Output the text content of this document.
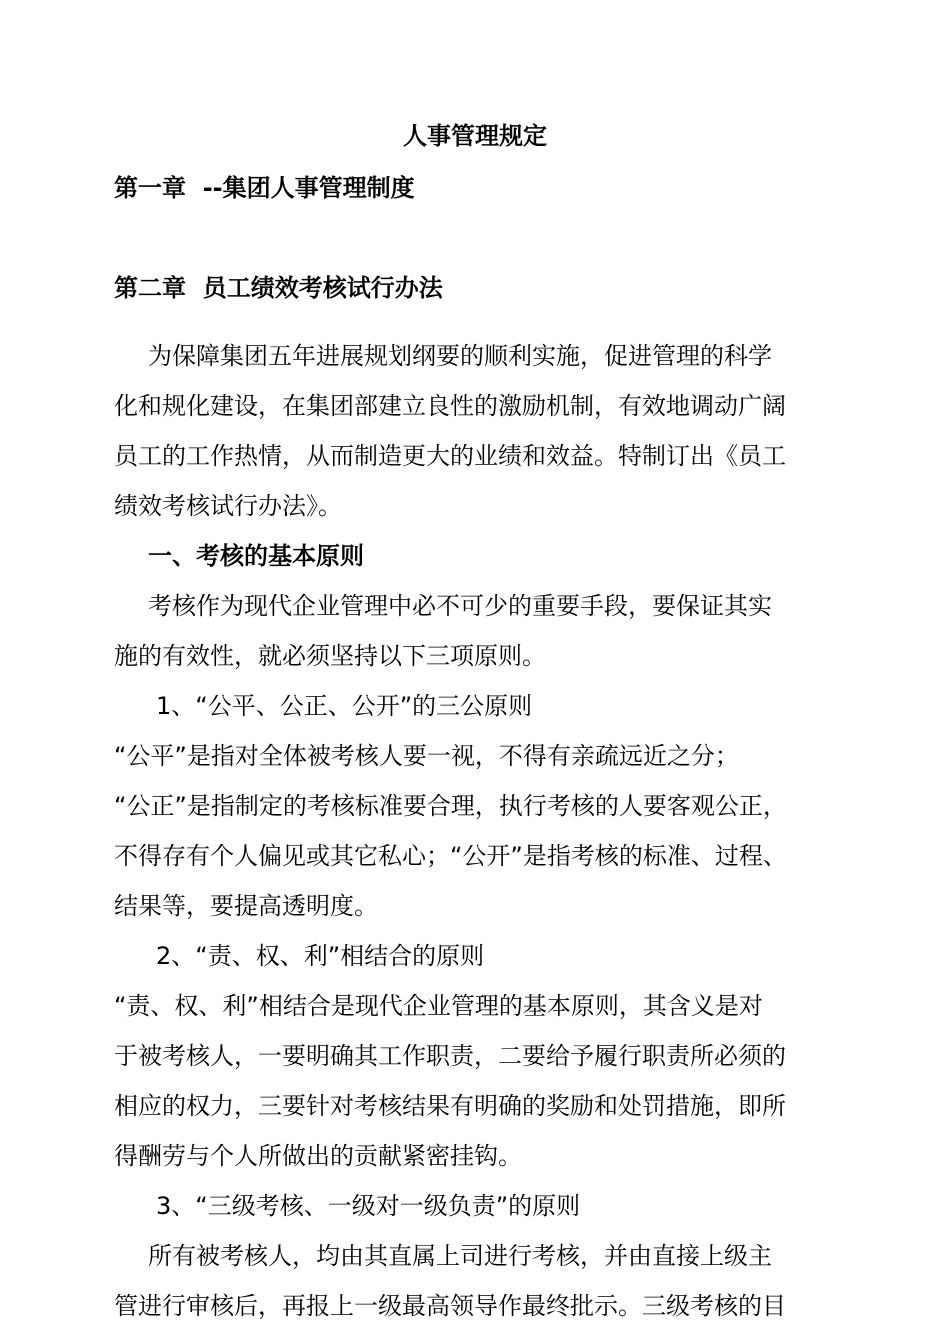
人事管理规定
第一章  --集团人事管理制度
第二章  员工绩效考核试行办法
为保障集团五年进展规划纲要的顺利实施，促进管理的科学
化和规化建设，在集团部建立良性的激励机制，有效地调动广阔
员工的工作热情，从而制造更大的业绩和效益。特制订出《员工
绩效考核试行办法》。
一、考核的基本原则
考核作为现代企业管理中必不可少的重要手段，要保证其实
施的有效性，就必须坚持以下三项原则。
1、“公平、公正、公开”的三公原则
“公平”是指对全体被考核人要一视，不得有亲疏远近之分；
“公正”是指制定的考核标准要合理，执行考核的人要客观公正，
不得存有个人偏见或其它私心；“公开”是指考核的标准、过程、
结果等，要提高透明度。
2、“责、权、利”相结合的原则
“责、权、利”相结合是现代企业管理的基本原则，其含义是对
于被考核人，一要明确其工作职责，二要给予履行职责所必须的
相应的权力，三要针对考核结果有明确的奖励和处罚措施，即所
得酬劳与个人所做出的贡献紧密挂钩。
3、“三级考核、一级对一级负责”的原则
所有被考核人，均由其直属上司进行考核，并由直接上级主
管进行审核后，再报上一级最高领导作最终批示。三级考核的目
